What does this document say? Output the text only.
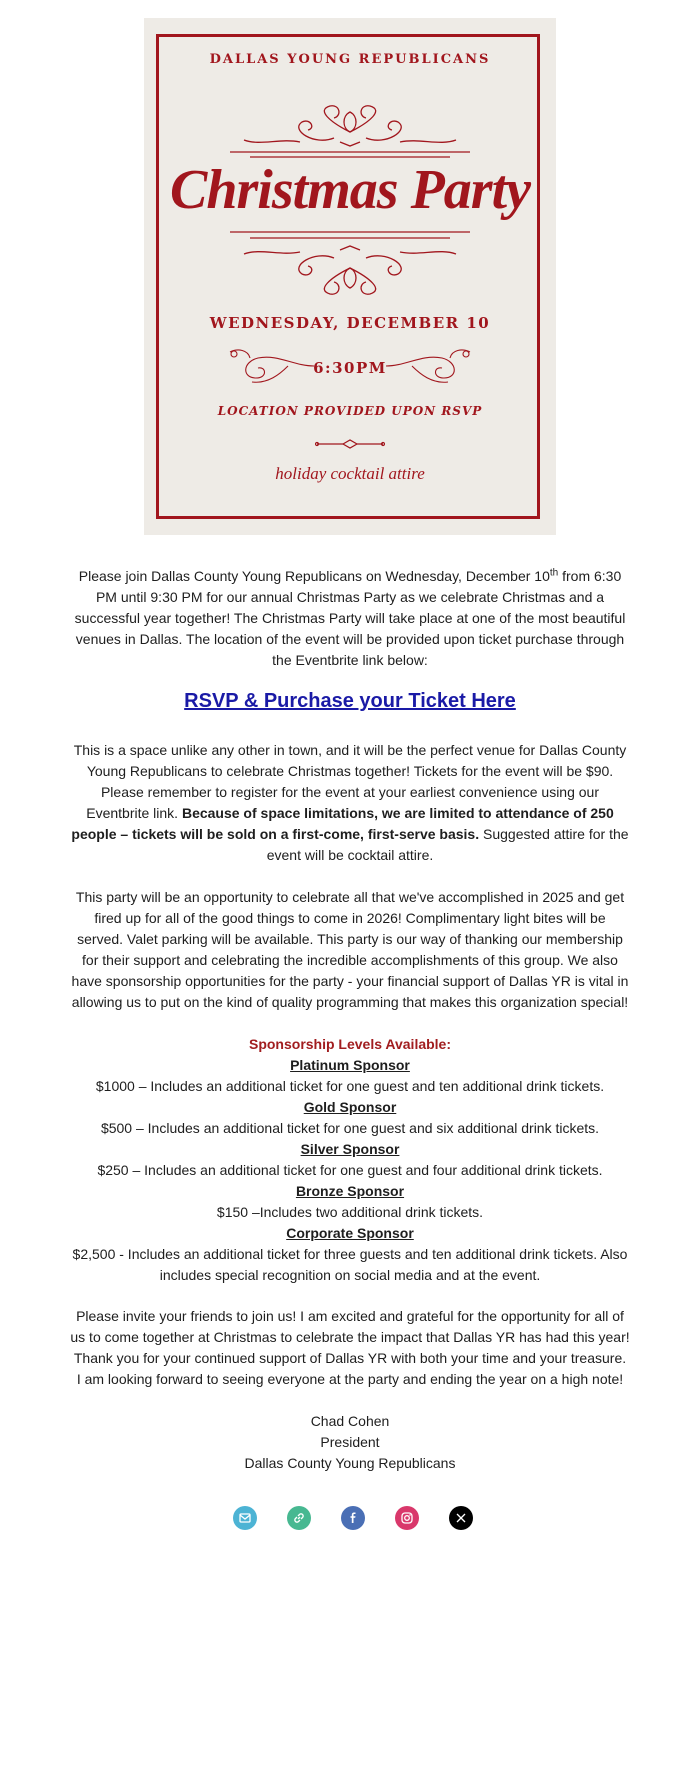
DALLAS YOUNG REPUBLICANS
Christmas Party
WEDNESDAY, DECEMBER 10
6:30PM
LOCATION PROVIDED UPON RSVP
holiday cocktail attire
Please join Dallas County Young Republicans on Wednesday, December 10th from 6:30 PM until 9:30 PM for our annual Christmas Party as we celebrate Christmas and a successful year together! The Christmas Party will take place at one of the most beautiful venues in Dallas. The location of the event will be provided upon ticket purchase through the Eventbrite link below:
RSVP & Purchase your Ticket Here
This is a space unlike any other in town, and it will be the perfect venue for Dallas County Young Republicans to celebrate Christmas together! Tickets for the event will be $90. Please remember to register for the event at your earliest convenience using our Eventbrite link. Because of space limitations, we are limited to attendance of 250 people – tickets will be sold on a first-come, first-serve basis. Suggested attire for the event will be cocktail attire.
This party will be an opportunity to celebrate all that we've accomplished in 2025 and get fired up for all of the good things to come in 2026! Complimentary light bites will be served. Valet parking will be available. This party is our way of thanking our membership for their support and celebrating the incredible accomplishments of this group. We also have sponsorship opportunities for the party - your financial support of Dallas YR is vital in allowing us to put on the kind of quality programming that makes this organization special!
Sponsorship Levels Available:
Platinum Sponsor
$1000 – Includes an additional ticket for one guest and ten additional drink tickets.
Gold Sponsor
$500 – Includes an additional ticket for one guest and six additional drink tickets.
Silver Sponsor
$250 – Includes an additional ticket for one guest and four additional drink tickets.
Bronze Sponsor
$150 –Includes two additional drink tickets.
Corporate Sponsor
$2,500 - Includes an additional ticket for three guests and ten additional drink tickets. Also includes special recognition on social media and at the event.
Please invite your friends to join us! I am excited and grateful for the opportunity for all of us to come together at Christmas to celebrate the impact that Dallas YR has had this year! Thank you for your continued support of Dallas YR with both your time and your treasure. I am looking forward to seeing everyone at the party and ending the year on a high note!
Chad Cohen
President
Dallas County Young Republicans
